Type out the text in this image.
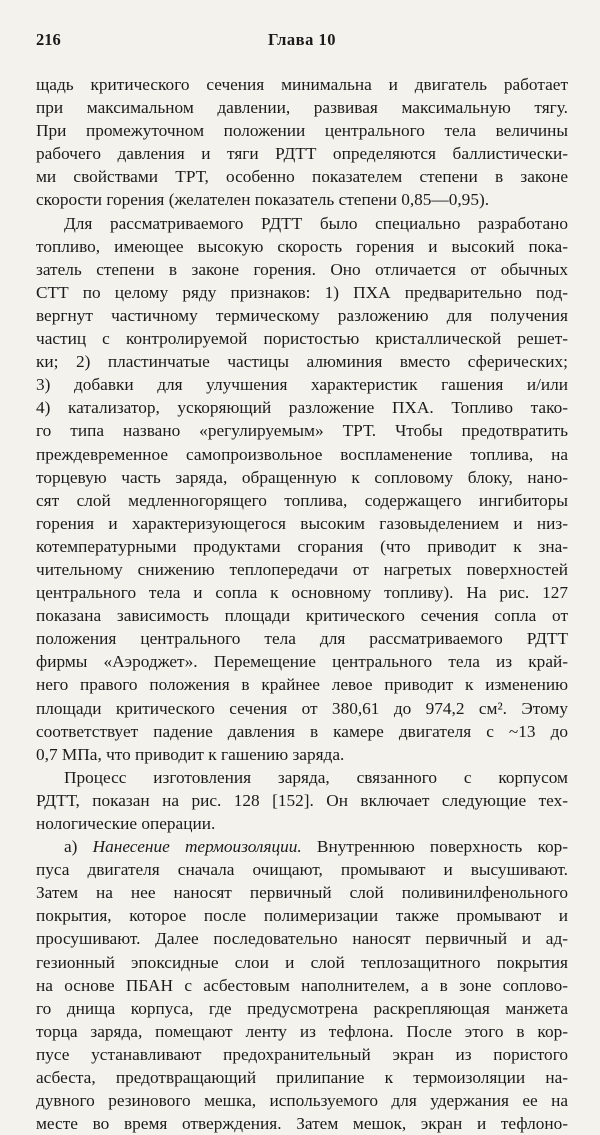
216	Глава 10
щадь критического сечения минимальна и двигатель работает
при максимальном давлении, развивая максимальную тягу.
При промежуточном положении центрального тела величины
рабочего давления и тяги РДТТ определяются баллистически-
ми свойствами ТРТ, особенно показателем степени в законе
скорости горения (желателен показатель степени 0,85—0,95).
Для рассматриваемого РДТТ было специально разработано
топливо, имеющее высокую скорость горения и высокий пока-
затель степени в законе горения. Оно отличается от обычных
СТТ по целому ряду признаков: 1) ПХА предварительно под-
вергнут частичному термическому разложению для получения
частиц с контролируемой пористостью кристаллической решет-
ки; 2) пластинчатые частицы алюминия вместо сферических;
3) добавки для улучшения характеристик гашения и/или
4) катализатор, ускоряющий разложение ПХА. Топливо тако-
го типа названо «регулируемым» ТРТ. Чтобы предотвратить
преждевременное самопроизвольное воспламенение топлива, на
торцевую часть заряда, обращенную к сопловому блоку, нано-
сят слой медленногорящего топлива, содержащего ингибиторы
горения и характеризующегося высоким газовыделением и низ-
котемпературными продуктами сгорания (что приводит к зна-
чительному снижению теплопередачи от нагретых поверхностей
центрального тела и сопла к основному топливу). На рис. 127
показана зависимость площади критического сечения сопла от
положения центрального тела для рассматриваемого РДТТ
фирмы «Аэроджет». Перемещение центрального тела из край-
него правого положения в крайнее левое приводит к изменению
площади критического сечения от 380,61 до 974,2 см². Этому
соответствует падение давления в камере двигателя с ~13 до
0,7 МПа, что приводит к гашению заряда.
Процесс изготовления заряда, связанного с корпусом
РДТТ, показан на рис. 128 [152]. Он включает следующие тех-
нологические операции.
а) Нанесение термоизоляции. Внутреннюю поверхность кор-
пуса двигателя сначала очищают, промывают и высушивают.
Затем на нее наносят первичный слой поливинилфенольного
покрытия, которое после полимеризации также промывают и
просушивают. Далее последовательно наносят первичный и ад-
гезионный эпоксидные слои и слой теплозащитного покрытия
на основе ПБАН с асбестовым наполнителем, а в зоне соплово-
го днища корпуса, где предусмотрена раскрепляющая манжета
торца заряда, помещают ленту из тефлона. После этого в кор-
пусе устанавливают предохранительный экран из пористого
асбеста, предотвращающий прилипание к термоизоляции на-
дувного резинового мешка, используемого для удержания ее на
месте во время отверждения. Затем мешок, экран и тефлоно-
